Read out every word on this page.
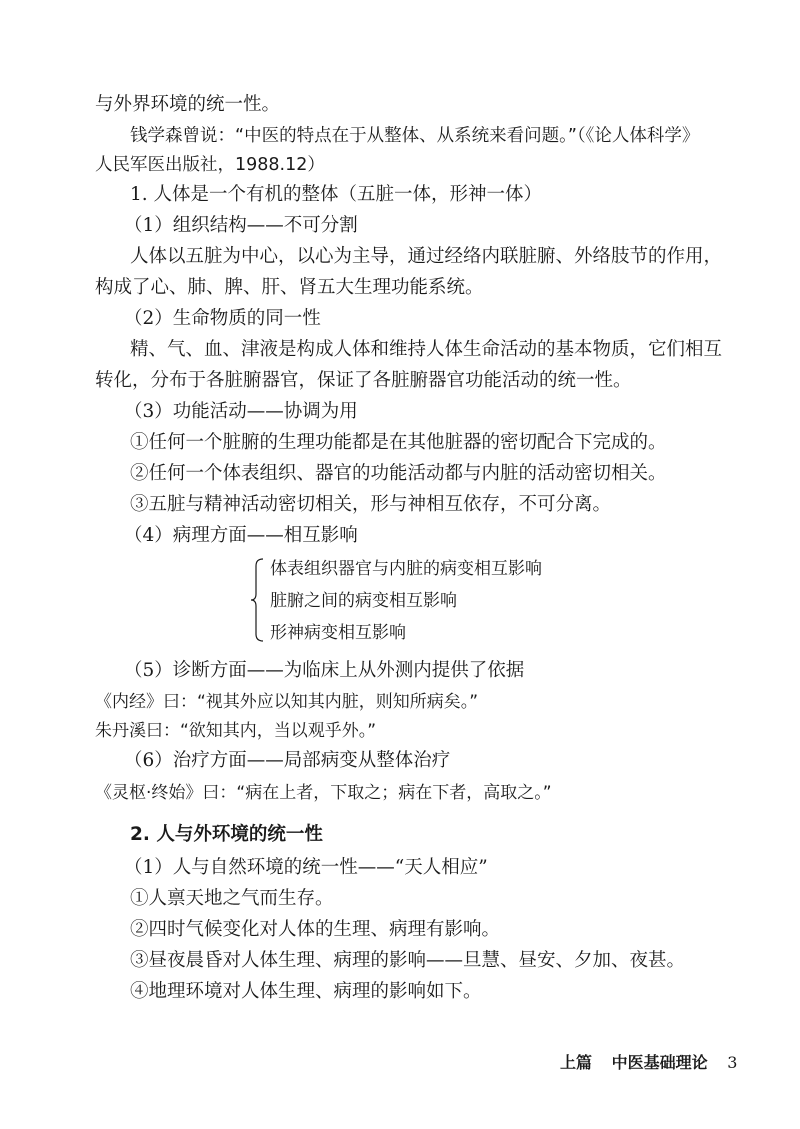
与外界环境的统一性。
钱学森曾说：“中医的特点在于从整体、从系统来看问题。”（《论人体科学》
人民军医出版社，1988.12）
1. 人体是一个有机的整体（五脏一体，形神一体）
（1）组织结构——不可分割
人体以五脏为中心，以心为主导，通过经络内联脏腑、外络肢节的作用，
构成了心、肺、脾、肝、肾五大生理功能系统。
（2）生命物质的同一性
精、气、血、津液是构成人体和维持人体生命活动的基本物质，它们相互
转化，分布于各脏腑器官，保证了各脏腑器官功能活动的统一性。
（3）功能活动——协调为用
①任何一个脏腑的生理功能都是在其他脏器的密切配合下完成的。
②任何一个体表组织、器官的功能活动都与内脏的活动密切相关。
③五脏与精神活动密切相关，形与神相互依存，不可分离。
（4）病理方面——相互影响
体表组织器官与内脏的病变相互影响
脏腑之间的病变相互影响
形神病变相互影响
（5）诊断方面——为临床上从外测内提供了依据
《内经》曰：“视其外应以知其内脏，则知所病矣。”
朱丹溪曰：“欲知其内，当以观乎外。”
（6）治疗方面——局部病变从整体治疗
《灵枢·终始》曰：“病在上者，下取之；病在下者，高取之。”
2. 人与外环境的统一性
（1）人与自然环境的统一性——“天人相应”
①人禀天地之气而生存。
②四时气候变化对人体的生理、病理有影响。
③昼夜晨昏对人体生理、病理的影响——旦慧、昼安、夕加、夜甚。
④地理环境对人体生理、病理的影响如下。
上篇 中医基础理论 3
